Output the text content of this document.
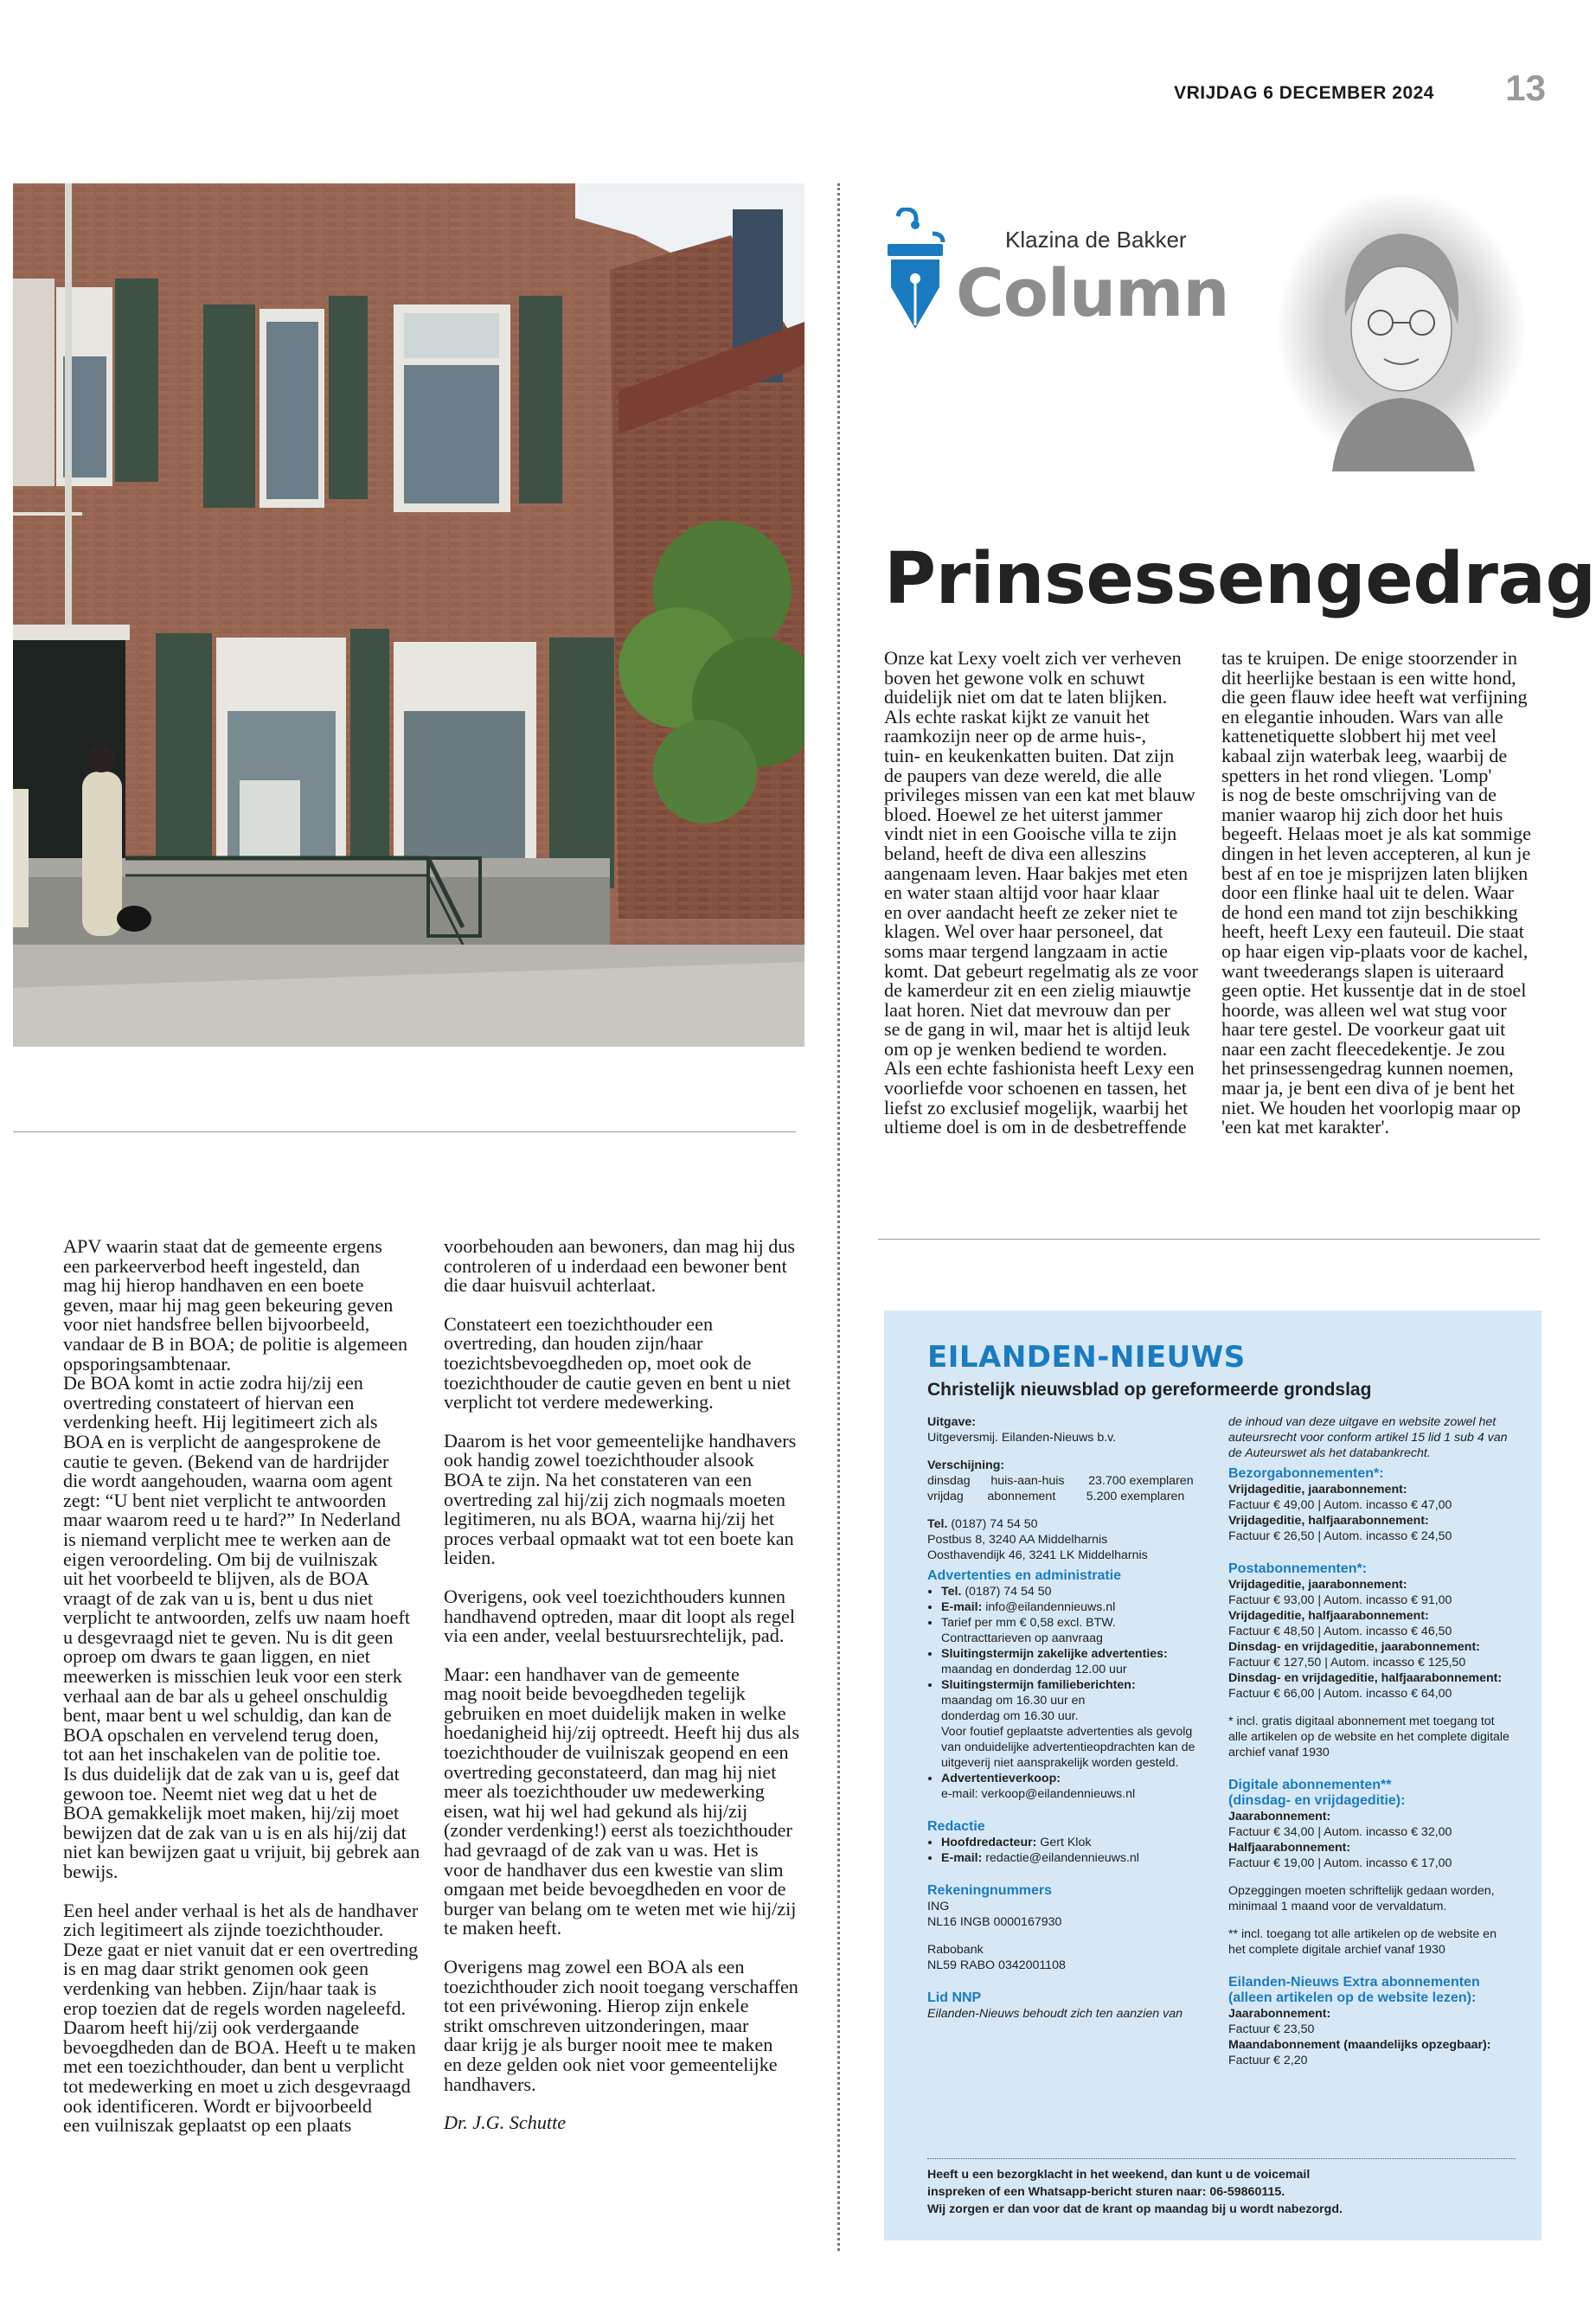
VRIJDAG 6 DECEMBER 2024 13
Klazina de Bakker
Column
Prinsessengedrag
Onze kat Lexy voelt zich ver verheven
boven het gewone volk en schuwt
duidelijk niet om dat te laten blijken.
Als echte raskat kijkt ze vanuit het
raamkozijn neer op de arme huis-,
tuin- en keukenkatten buiten. Dat zijn
de paupers van deze wereld, die alle
privileges missen van een kat met blauw
bloed. Hoewel ze het uiterst jammer
vindt niet in een Gooische villa te zijn
beland, heeft de diva een alleszins
aangenaam leven. Haar bakjes met eten
en water staan altijd voor haar klaar
en over aandacht heeft ze zeker niet te
klagen. Wel over haar personeel, dat
soms maar tergend langzaam in actie
komt. Dat gebeurt regelmatig als ze voor
de kamerdeur zit en een zielig miauwtje
laat horen. Niet dat mevrouw dan per
se de gang in wil, maar het is altijd leuk
om op je wenken bediend te worden.
Als een echte fashionista heeft Lexy een
voorliefde voor schoenen en tassen, het
liefst zo exclusief mogelijk, waarbij het
ultieme doel is om in de desbetreffende
tas te kruipen. De enige stoorzender in
dit heerlijke bestaan is een witte hond,
die geen flauw idee heeft wat verfijning
en elegantie inhouden. Wars van alle
kattenetiquette slobbert hij met veel
kabaal zijn waterbak leeg, waarbij de
spetters in het rond vliegen. 'Lomp'
is nog de beste omschrijving van de
manier waarop hij zich door het huis
begeeft. Helaas moet je als kat sommige
dingen in het leven accepteren, al kun je
best af en toe je misprijzen laten blijken
door een flinke haal uit te delen. Waar
de hond een mand tot zijn beschikking
heeft, heeft Lexy een fauteuil. Die staat
op haar eigen vip-plaats voor de kachel,
want tweederangs slapen is uiteraard
geen optie. Het kussentje dat in de stoel
hoorde, was alleen wel wat stug voor
haar tere gestel. De voorkeur gaat uit
naar een zacht fleecedekentje. Je zou
het prinsessengedrag kunnen noemen,
maar ja, je bent een diva of je bent het
niet. We houden het voorlopig maar op
'een kat met karakter'.

APV waarin staat dat de gemeente ergens
een parkeerverbod heeft ingesteld, dan
mag hij hierop handhaven en een boete
geven, maar hij mag geen bekeuring geven
voor niet handsfree bellen bijvoorbeeld,
vandaar de B in BOA; de politie is algemeen
opsporingsambtenaar.
De BOA komt in actie zodra hij/zij een
overtreding constateert of hiervan een
verdenking heeft. Hij legitimeert zich als
BOA en is verplicht de aangesprokene de
cautie te geven. (Bekend van de hardrijder
die wordt aangehouden, waarna oom agent
zegt: “U bent niet verplicht te antwoorden
maar waarom reed u te hard?” In Nederland
is niemand verplicht mee te werken aan de
eigen veroordeling. Om bij de vuilniszak
uit het voorbeeld te blijven, als de BOA
vraagt of de zak van u is, bent u dus niet
verplicht te antwoorden, zelfs uw naam hoeft
u desgevraagd niet te geven. Nu is dit geen
oproep om dwars te gaan liggen, en niet
meewerken is misschien leuk voor een sterk
verhaal aan de bar als u geheel onschuldig
bent, maar bent u wel schuldig, dan kan de
BOA opschalen en vervelend terug doen,
tot aan het inschakelen van de politie toe.
Is dus duidelijk dat de zak van u is, geef dat
gewoon toe. Neemt niet weg dat u het de
BOA gemakkelijk moet maken, hij/zij moet
bewijzen dat de zak van u is en als hij/zij dat
niet kan bewijzen gaat u vrijuit, bij gebrek aan
bewijs.

Een heel ander verhaal is het als de handhaver
zich legitimeert als zijnde toezichthouder.
Deze gaat er niet vanuit dat er een overtreding
is en mag daar strikt genomen ook geen
verdenking van hebben. Zijn/haar taak is
erop toezien dat de regels worden nageleefd.
Daarom heeft hij/zij ook verdergaande
bevoegdheden dan de BOA. Heeft u te maken
met een toezichthouder, dan bent u verplicht
tot medewerking en moet u zich desgevraagd
ook identificeren. Wordt er bijvoorbeeld
een vuilniszak geplaatst op een plaats

voorbehouden aan bewoners, dan mag hij dus
controleren of u inderdaad een bewoner bent
die daar huisvuil achterlaat.

Constateert een toezichthouder een
overtreding, dan houden zijn/haar
toezichtsbevoegdheden op, moet ook de
toezichthouder de cautie geven en bent u niet
verplicht tot verdere medewerking.

Daarom is het voor gemeentelijke handhavers
ook handig zowel toezichthouder alsook
BOA te zijn. Na het constateren van een
overtreding zal hij/zij zich nogmaals moeten
legitimeren, nu als BOA, waarna hij/zij het
proces verbaal opmaakt wat tot een boete kan
leiden.

Overigens, ook veel toezichthouders kunnen
handhavend optreden, maar dit loopt als regel
via een ander, veelal bestuursrechtelijk, pad.

Maar: een handhaver van de gemeente
mag nooit beide bevoegdheden tegelijk
gebruiken en moet duidelijk maken in welke
hoedanigheid hij/zij optreedt. Heeft hij dus als
toezichthouder de vuilniszak geopend en een
overtreding geconstateerd, dan mag hij niet
meer als toezichthouder uw medewerking
eisen, wat hij wel had gekund als hij/zij
(zonder verdenking!) eerst als toezichthouder
had gevraagd of de zak van u was. Het is
voor de handhaver dus een kwestie van slim
omgaan met beide bevoegdheden en voor de
burger van belang om te weten met wie hij/zij
te maken heeft.

Overigens mag zowel een BOA als een
toezichthouder zich nooit toegang verschaffen
tot een privéwoning. Hierop zijn enkele
strikt omschreven uitzonderingen, maar
daar krijg je als burger nooit mee te maken
en deze gelden ook niet voor gemeentelijke
handhavers.

Dr. J.G. Schutte

EILANDEN-NIEUWS
Christelijk nieuwsblad op gereformeerde grondslag
Uitgave:
Uitgeversmij. Eilanden-Nieuws b.v.
Verschijning:
dinsdag      huis-aan-huis       23.700 exemplaren
vrijdag       abonnement         5.200 exemplaren
Tel. (0187) 74 54 50
Postbus 8, 3240 AA Middelharnis
Oosthavendijk 46, 3241 LK Middelharnis
Advertenties en administratie
• Tel. (0187) 74 54 50
• E-mail: info@eilandennieuws.nl
• Tarief per mm € 0,58 excl. BTW.
Contracttarieven op aanvraag
• Sluitingstermijn zakelijke advertenties:
maandag en donderdag 12.00 uur
• Sluitingstermijn familieberichten:
maandag om 16.30 uur en
donderdag om 16.30 uur.
Voor foutief geplaatste advertenties als gevolg
van onduidelijke advertentieopdrachten kan de
uitgeverij niet aansprakelijk worden gesteld.
• Advertentieverkoop:
e-mail: verkoop@eilandennieuws.nl
Redactie
• Hoofdredacteur: Gert Klok
• E-mail: redactie@eilandennieuws.nl
Rekeningnummers
ING
NL16 INGB 0000167930
Rabobank
NL59 RABO 0342001108
Lid NNP
Eilanden-Nieuws behoudt zich ten aanzien van
de inhoud van deze uitgave en website zowel het
auteursrecht voor conform artikel 15 lid 1 sub 4 van
de Auteurswet als het databankrecht.
Bezorgabonnementen*:
Vrijdageditie, jaarabonnement:
Factuur € 49,00 | Autom. incasso € 47,00
Vrijdageditie, halfjaarabonnement:
Factuur € 26,50 | Autom. incasso € 24,50
Postabonnementen*:
Vrijdageditie, jaarabonnement:
Factuur € 93,00 | Autom. incasso € 91,00
Vrijdageditie, halfjaarabonnement:
Factuur € 48,50 | Autom. incasso € 46,50
Dinsdag- en vrijdageditie, jaarabonnement:
Factuur € 127,50 | Autom. incasso € 125,50
Dinsdag- en vrijdageditie, halfjaarabonnement:
Factuur € 66,00 | Autom. incasso € 64,00
* incl. gratis digitaal abonnement met toegang tot
alle artikelen op de website en het complete digitale
archief vanaf 1930
Digitale abonnementen**
(dinsdag- en vrijdageditie):
Jaarabonnement:
Factuur € 34,00 | Autom. incasso € 32,00
Halfjaarabonnement:
Factuur € 19,00 | Autom. incasso € 17,00
Opzeggingen moeten schriftelijk gedaan worden,
minimaal 1 maand voor de vervaldatum.
** incl. toegang tot alle artikelen op de website en
het complete digitale archief vanaf 1930
Eilanden-Nieuws Extra abonnementen
(alleen artikelen op de website lezen):
Jaarabonnement:
Factuur € 23,50
Maandabonnement (maandelijks opzegbaar):
Factuur € 2,20
Heeft u een bezorgklacht in het weekend, dan kunt u de voicemail
inspreken of een Whatsapp-bericht sturen naar: 06-59860115.
Wij zorgen er dan voor dat de krant op maandag bij u wordt nabezorgd.
